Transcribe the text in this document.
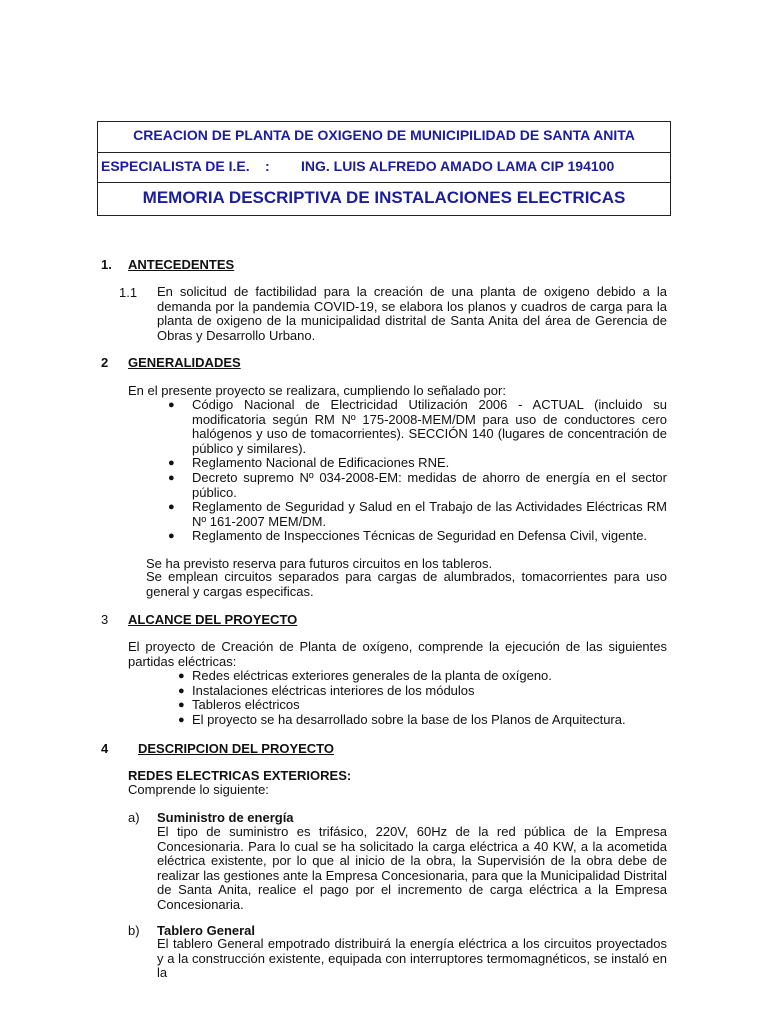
CREACION DE PLANTA DE OXIGENO DE MUNICIPILIDAD DE SANTA ANITA
ESPECIALISTA DE I.E. : ING. LUIS ALFREDO AMADO LAMA CIP 194100
MEMORIA DESCRIPTIVA DE INSTALACIONES ELECTRICAS
1. ANTECEDENTES
1.1 En solicitud de factibilidad para la creación de una planta de oxigeno debido a la demanda por la pandemia COVID-19, se elabora los planos y cuadros de carga para la planta de oxigeno de la municipalidad distrital de Santa Anita del área de Gerencia de Obras y Desarrollo Urbano.
2 GENERALIDADES
En el presente proyecto se realizara, cumpliendo lo señalado por:
● Código Nacional de Electricidad Utilización 2006 - ACTUAL (incluido su modificatoria según RM Nº 175-2008-MEM/DM para uso de conductores cero halógenos y uso de tomacorrientes). SECCIÓN 140 (lugares de concentración de público y similares).
● Reglamento Nacional de Edificaciones RNE.
● Decreto supremo Nº 034-2008-EM: medidas de ahorro de energía en el sector público.
● Reglamento de Seguridad y Salud en el Trabajo de las Actividades Eléctricas RM Nº 161-2007 MEM/DM.
● Reglamento de Inspecciones Técnicas de Seguridad en Defensa Civil, vigente.
Se ha previsto reserva para futuros circuitos en los tableros.
Se emplean circuitos separados para cargas de alumbrados, tomacorrientes para uso general y cargas especificas.
3 ALCANCE DEL PROYECTO
El proyecto de Creación de Planta de oxígeno, comprende la ejecución de las siguientes partidas eléctricas:
● Redes eléctricas exteriores generales de la planta de oxígeno.
● Instalaciones eléctricas interiores de los módulos
● Tableros eléctricos
● El proyecto se ha desarrollado sobre la base de los Planos de Arquitectura.
4 DESCRIPCION DEL PROYECTO
REDES ELECTRICAS EXTERIORES:
Comprende lo siguiente:
a) Suministro de energía
El tipo de suministro es trifásico, 220V, 60Hz de la red pública de la Empresa Concesionaria. Para lo cual se ha solicitado la carga eléctrica a 40 KW, a la acometida eléctrica existente, por lo que al inicio de la obra, la Supervisión de la obra debe de realizar las gestiones ante la Empresa Concesionaria, para que la Municipalidad Distrital de Santa Anita, realice el pago por el incremento de carga eléctrica a la Empresa Concesionaria.
b) Tablero General
El tablero General empotrado distribuirá la energía eléctrica a los circuitos proyectados y a la construcción existente, equipada con interruptores termomagnéticos, se instaló en la
